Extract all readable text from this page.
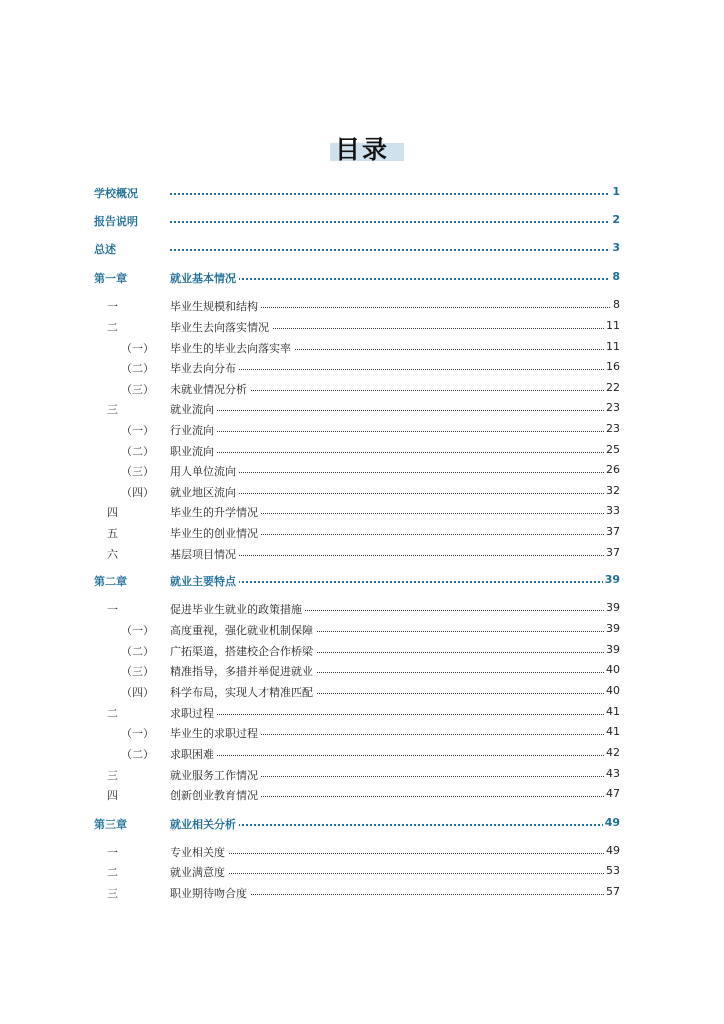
目录
学校概况	1
报告说明	2
总述	3
第一章	就业基本情况	8
一	毕业生规模和结构	8
二	毕业生去向落实情况	11
（一） 毕业生的毕业去向落实率	11
（二） 毕业去向分布	16
（三） 未就业情况分析	22
三	就业流向	23
（一） 行业流向	23
（二） 职业流向	25
（三） 用人单位流向	26
（四） 就业地区流向	32
四	毕业生的升学情况	33
五	毕业生的创业情况	37
六	基层项目情况	37
第二章	就业主要特点	39
一	促进毕业生就业的政策措施	39
（一） 高度重视，强化就业机制保障	39
（二） 广拓渠道，搭建校企合作桥梁	39
（三） 精准指导，多措并举促进就业	40
（四） 科学布局，实现人才精准匹配	40
二	求职过程	41
（一） 毕业生的求职过程	41
（二） 求职困难	42
三	就业服务工作情况	43
四	创新创业教育情况	47
第三章	就业相关分析	49
一	专业相关度	49
二	就业满意度	53
三	职业期待吻合度	57
